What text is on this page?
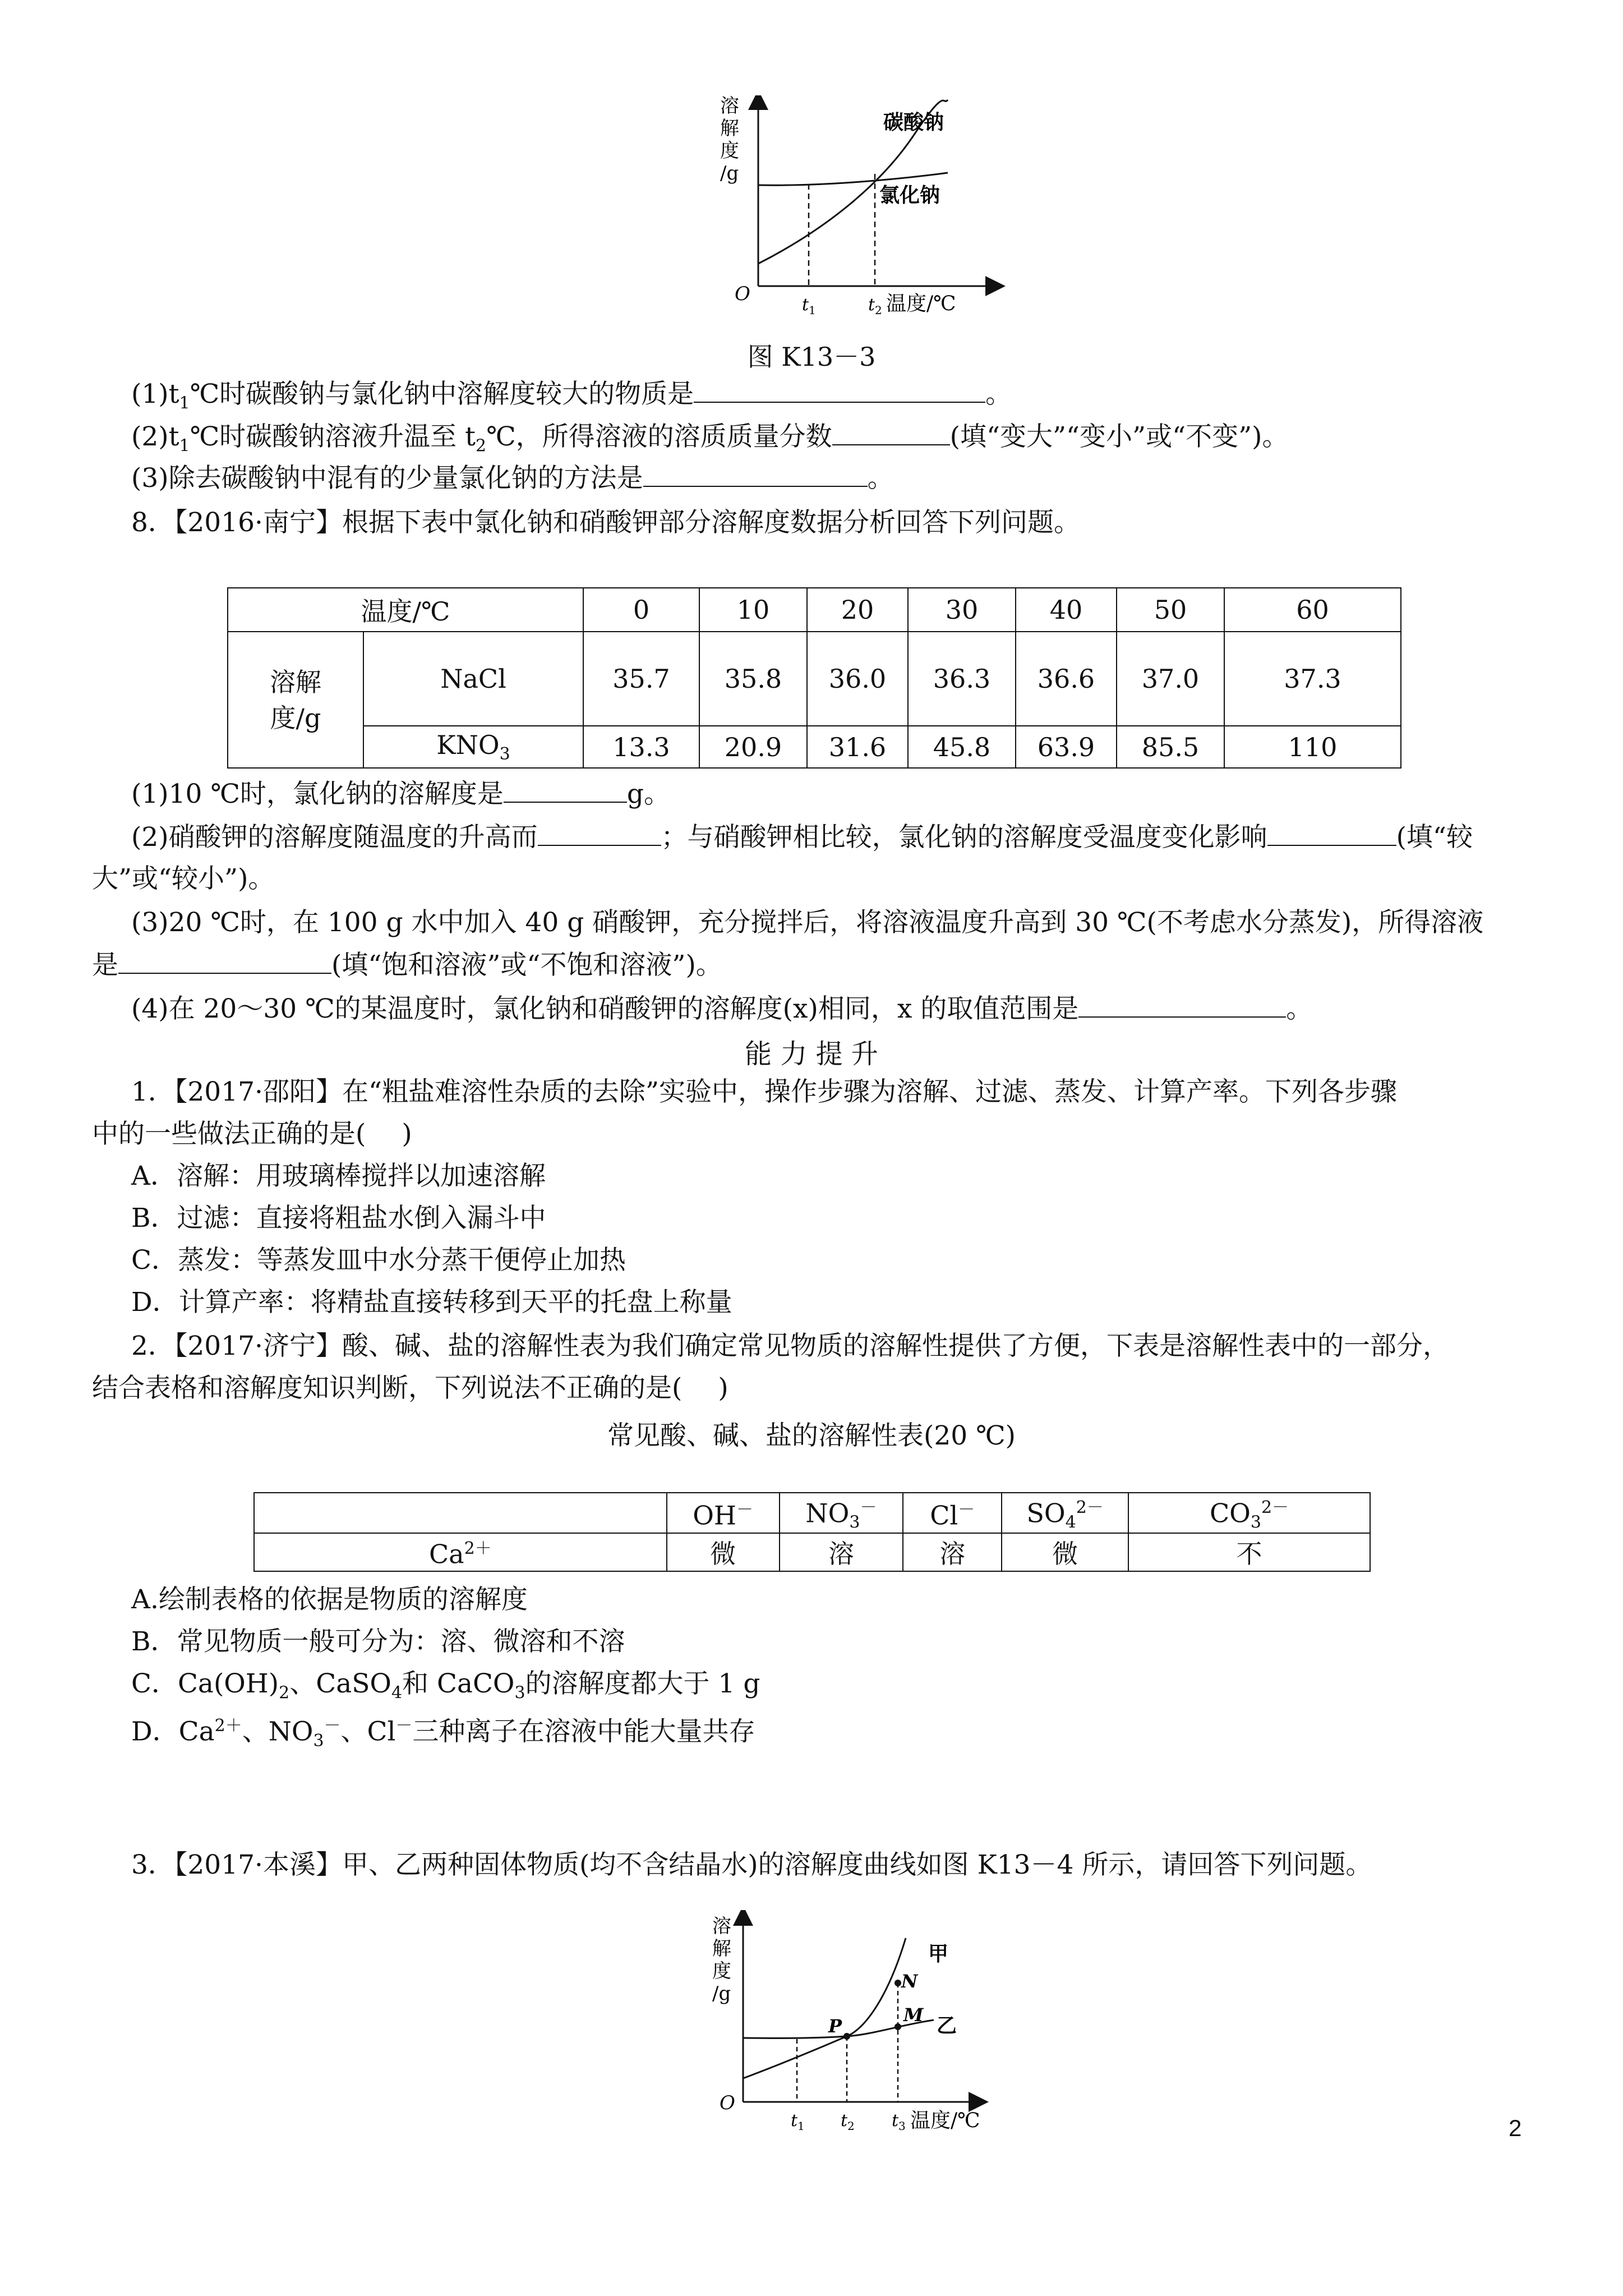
溶
解
度
/g
碳酸钠
氯化钠
O	t 1	t 2 温度/℃
图 K13－3
$(1)t_1℃$时碳酸钠与氯化钠中溶解度较大的物质是	。
$(2)t_1℃$时碳酸钠溶液升温至 $t_2℃$，所得溶液的溶质质量分数	(填“变大”“变小”或“不变”)。
(3)除去碳酸钠中混有的少量氯化钠的方法是	。
8．【2016·南宁】根据下表中氯化钠和硝酸钾部分溶解度数据分析回答下列问题。
温度/℃		0	10	20	30	40	50	60
溶解
度/g	NaCl	35.7	35.8	36.0	36.3	36.6	37.0	37.3
	$KNO_3$	13.3	20.9	31.6	45.8	63.9	85.5	110
(1)10 ℃时，氯化钠的溶解度是	g。
(2)硝酸钾的溶解度随温度的升高而	；与硝酸钾相比较，氯化钠的溶解度受温度变化影响	(填“较
大”或“较小”)。
(3)20 ℃时，在 100 g 水中加入 40 g 硝酸钾，充分搅拌后，将溶液温度升高到 30 ℃(不考虑水分蒸发)，所得溶液
是	(填“饱和溶液”或“不饱和溶液”)。
(4)在 20～30 ℃的某温度时，氯化钠和硝酸钾的溶解度(x)相同，x 的取值范围是	。
能 力 提 升
1．【2017·邵阳】在“粗盐难溶性杂质的去除”实验中，操作步骤为溶解、过滤、蒸发、计算产率。下列各步骤
中的一些做法正确的是( )
A．溶解：用玻璃棒搅拌以加速溶解
B．过滤：直接将粗盐水倒入漏斗中
C．蒸发：等蒸发皿中水分蒸干便停止加热
D．计算产率：将精盐直接转移到天平的托盘上称量
2．【2017·济宁】酸、碱、盐的溶解性表为我们确定常见物质的溶解性提供了方便，下表是溶解性表中的一部分，
结合表格和溶解度知识判断，下列说法不正确的是( )
常见酸、碱、盐的溶解性表(20 ℃)
	OH－	$NO_3^-$	Cl－	$SO_4^{2-}$	$CO_3^{2-}$
$Ca^{2+}$	微	溶	溶	微	不
A.绘制表格的依据是物质的溶解度
B．常见物质一般可分为：溶、微溶和不溶
C．$Ca(OH)_2$、CaSO$_4$和 CaCO$_3$的溶解度都大于 1 g
D．$Ca^{2+}$、$NO_3^-$、Cl－三种离子在溶液中能大量共存
3．【2017·本溪】甲、乙两种固体物质(均不含结晶水)的溶解度曲线如图 K13－4 所示，请回答下列问题。
溶
解
度
/g
P
N
M
甲
乙
O
t 1 t 2 t 3 温度/℃	2
